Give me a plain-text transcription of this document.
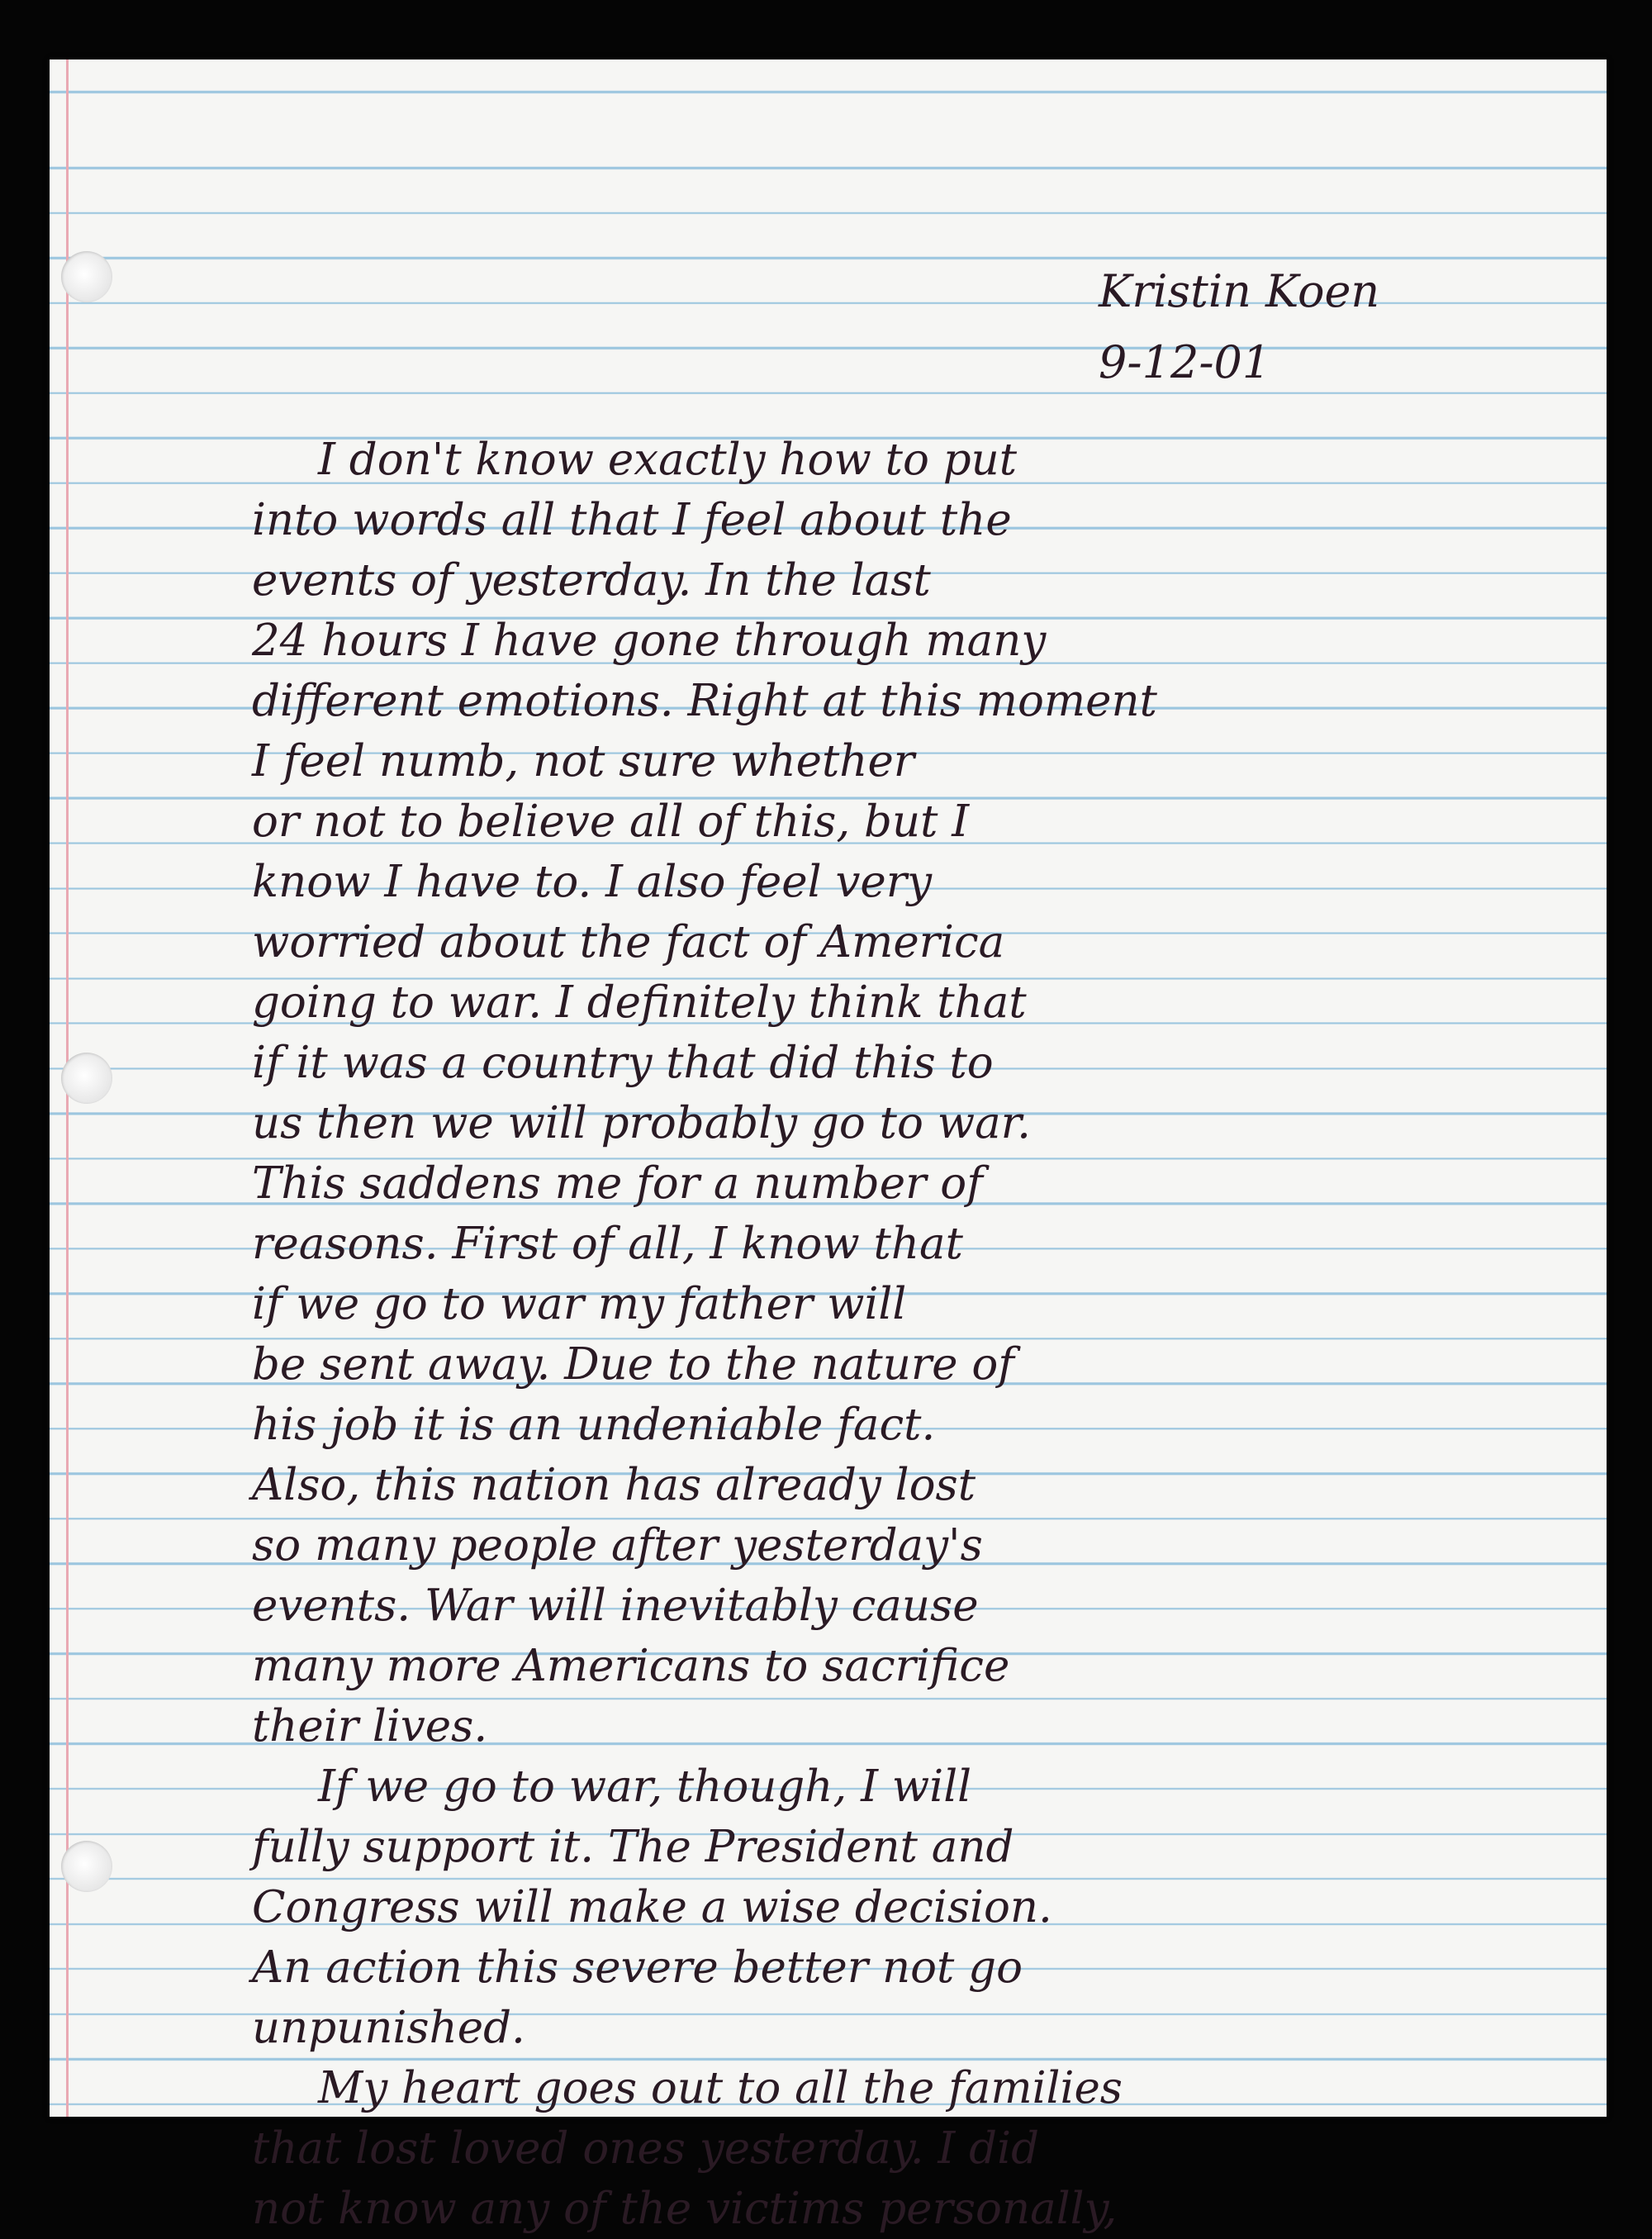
Kristin Koen
9-12-01
I don't know exactly how to put
into words all that I feel about the
events of yesterday. In the last
24 hours I have gone through many
different emotions. Right at this moment
I feel numb, not sure whether
or not to believe all of this, but I
know I have to. I also feel very
worried about the fact of America
going to war. I definitely think that
if it was a country that did this to
us then we will probably go to war.
This saddens me for a number of
reasons. First of all, I know that
if we go to war my father will
be sent away. Due to the nature of
his job it is an undeniable fact.
Also, this nation has already lost
so many people after yesterday's
events. War will inevitably cause
many more Americans to sacrifice
their lives.
If we go to war, though, I will
fully support it. The President and
Congress will make a wise decision.
An action this severe better not go
unpunished.
My heart goes out to all the families
that lost loved ones yesterday. I did
not know any of the victims personally,
